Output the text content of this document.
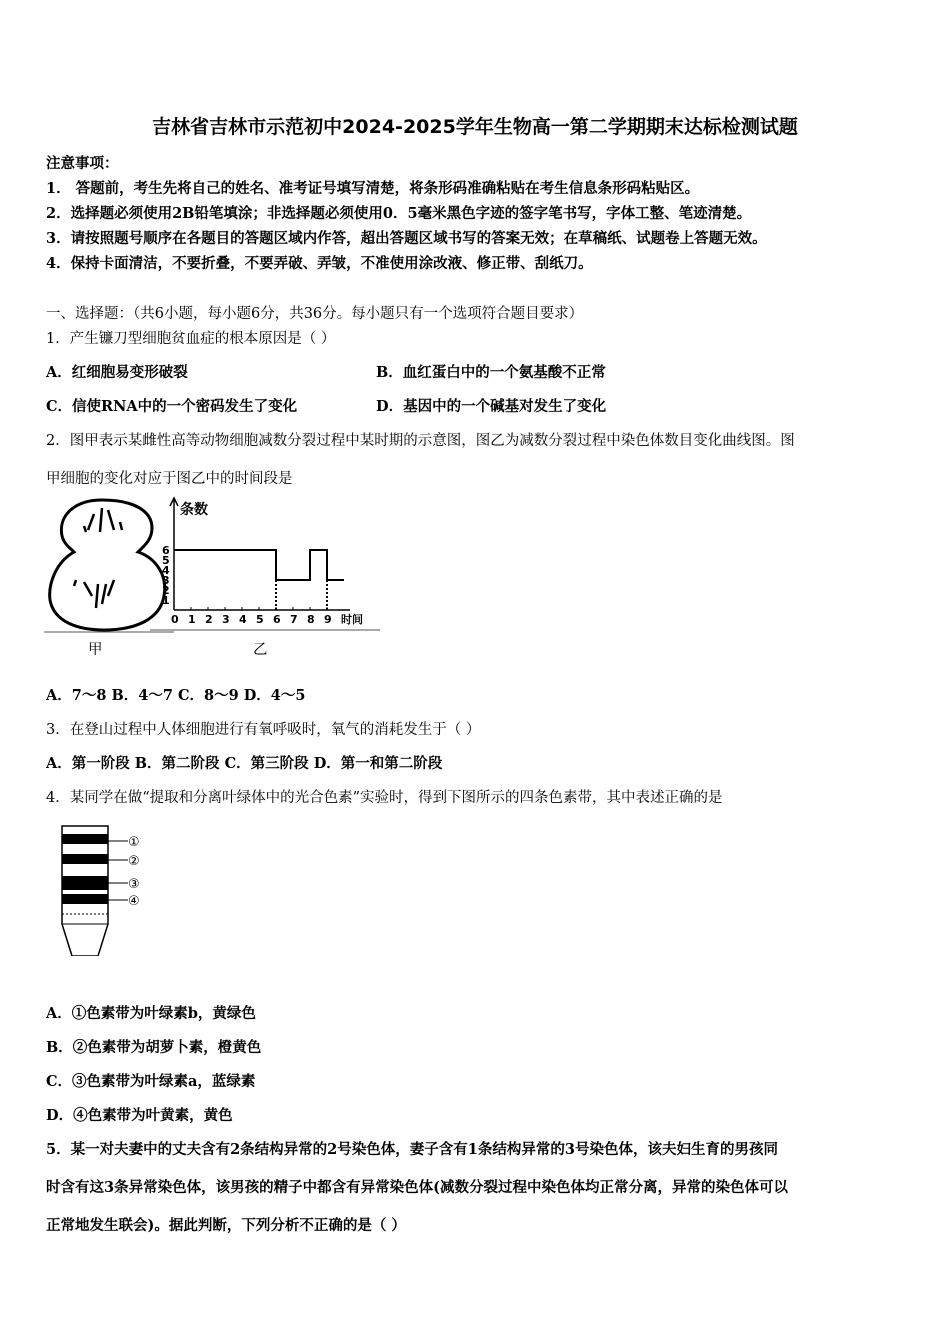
吉林省吉林市示范初中2024-2025学年生物高一第二学期期末达标检测试题
注意事项：
1． 答题前，考生先将自己的姓名、准考证号填写清楚，将条形码准确粘贴在考生信息条形码粘贴区。
2．选择题必须使用2B铅笔填涂；非选择题必须使用0．5毫米黑色字迹的签字笔书写，字体工整、笔迹清楚。
3．请按照题号顺序在各题目的答题区域内作答，超出答题区域书写的答案无效；在草稿纸、试题卷上答题无效。
4．保持卡面清洁，不要折叠，不要弄破、弄皱，不准使用涂改液、修正带、刮纸刀。
一、选择题：（共6小题，每小题6分，共36分。每小题只有一个选项符合题目要求）
1．产生镰刀型细胞贫血症的根本原因是（ ）
A．红细胞易变形破裂	B．血红蛋白中的一个氨基酸不正常
C．信使RNA中的一个密码发生了变化	D．基因中的一个碱基对发生了变化
2．图甲表示某雌性高等动物细胞减数分裂过程中某时期的示意图，图乙为减数分裂过程中染色体数目变化曲线图。图
甲细胞的变化对应于图乙中的时间段是
条数
1
2
3
4
5
6
0 1 2 3 4 5 6 7 8 9 时间
甲	乙
A．7～8 B．4～7 C．8～9 D．4～5
3．在登山过程中人体细胞进行有氧呼吸时，氧气的消耗发生于（ ）
A．第一阶段 B．第二阶段 C．第三阶段 D．第一和第二阶段
4．某同学在做“提取和分离叶绿体中的光合色素”实验时，得到下图所示的四条色素带，其中表述正确的是
①
②
③
④
A．①色素带为叶绿素b，黄绿色
B．②色素带为胡萝卜素，橙黄色
C．③色素带为叶绿素a，蓝绿素
D．④色素带为叶黄素，黄色
5．某一对夫妻中的丈夫含有2条结构异常的2号染色体，妻子含有1条结构异常的3号染色体，该夫妇生育的男孩同
时含有这3条异常染色体，该男孩的精子中都含有异常染色体(减数分裂过程中染色体均正常分离，异常的染色体可以
正常地发生联会)。据此判断，下列分析不正确的是（ ）
